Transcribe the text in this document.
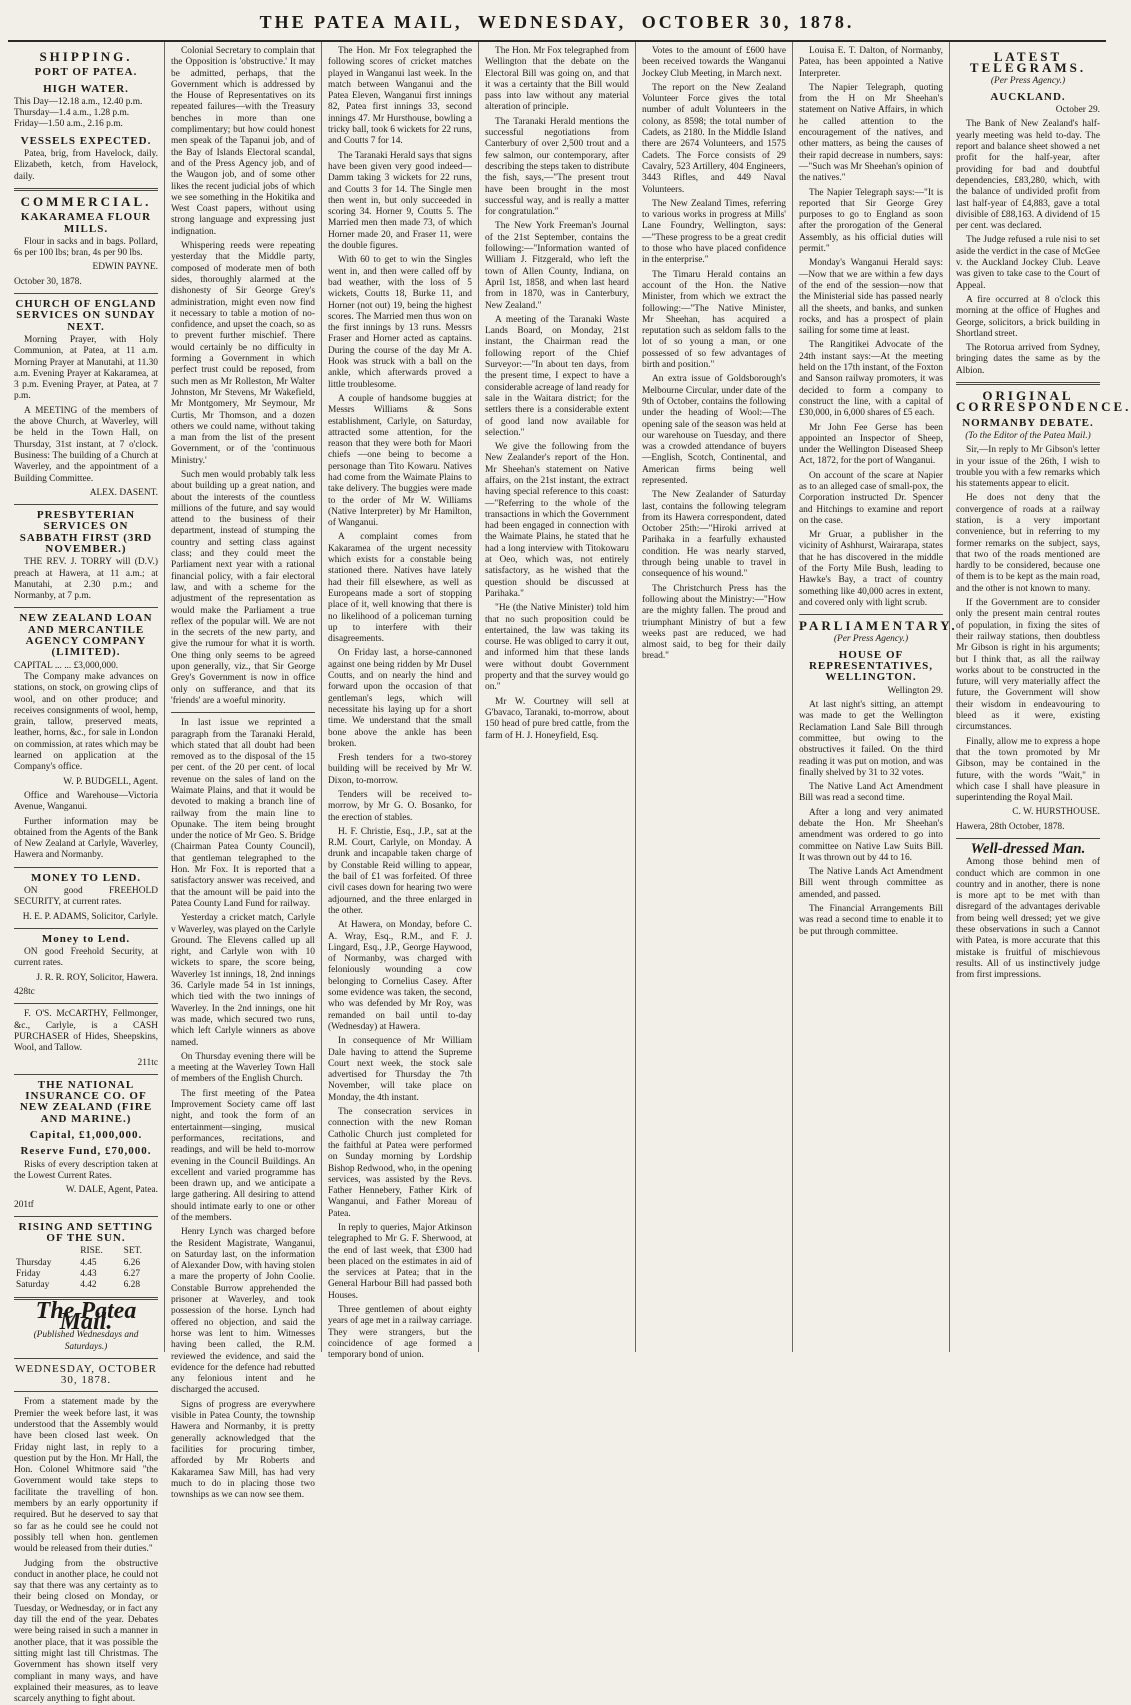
THE PATEA MAIL, WEDNESDAY, OCTOBER 30, 1878.
SHIPPING.
PORT OF PATEA.
HIGH WATER.
This Day—12.18 a.m., 12.40 p.m.
Thursday—1.4 a.m., 1.28 p.m.
Friday—1.50 a.m., 2.16 p.m.
VESSELS EXPECTED.

Patea, brig, from Havelock, daily. Elizabeth, ketch, from Havelock, daily.

COMMERCIAL.
KAKARAMEA FLOUR MILLS.

Flour in sacks and in bags. Pollard, 6s per 100 lbs; bran, 4s per 90 lbs.

EDWIN PAYNE.
October 30, 1878.
CHURCH OF ENGLAND SERVICES ON SUNDAY NEXT.

Morning Prayer, with Holy Communion, at Patea, at 11 a.m. Morning Prayer at Manutahi, at 11.30 a.m. Evening Prayer at Kakaramea, at 3 p.m. Evening Prayer, at Patea, at 7 p.m.

A MEETING of the members of the above Church, at Waverley, will be held in the Town Hall, on Thursday, 31st instant, at 7 o'clock. Business: The building of a Church at Waverley, and the appointment of a Building Committee.

ALEX. DASENT.
PRESBYTERIAN SERVICES ON SABBATH FIRST (3RD NOVEMBER.)

THE REV. J. TORRY will (D.V.) preach at Hawera, at 11 a.m.; at Manutahi, at 2.30 p.m.; and Normanby, at 7 p.m.

NEW ZEALAND LOAN AND MERCANTILE AGENCY COMPANY (LIMITED).
CAPITAL ... ... £3,000,000.

The Company make advances on stations, on stock, on growing clips of wool, and on other produce; and receives consignments of wool, hemp, grain, tallow, preserved meats, leather, horns, &c., for sale in London on commission, at rates which may be learned on application at the Company's office.

W. P. BUDGELL, Agent.

Office and Warehouse—Victoria Avenue, Wanganui.

Further information may be obtained from the Agents of the Bank of New Zealand at Carlyle, Waverley, Hawera and Normanby.

MONEY TO LEND.

ON good FREEHOLD SECURITY, at current rates.

H. E. P. ADAMS, Solicitor, Carlyle.
Money to Lend.

ON good Freehold Security, at current rates.

J. R. R. ROY, Solicitor, Hawera.
428tc

F. O'S. McCARTHY, Fellmonger, &c., Carlyle, is a CASH PURCHASER of Hides, Sheepskins, Wool, and Tallow.

211tc
THE NATIONAL INSURANCE CO. OF NEW ZEALAND (FIRE AND MARINE.)
Capital, £1,000,000.
Reserve Fund, £70,000.

Risks of every description taken at the Lowest Current Rates.

W. DALE, Agent, Patea.
201tf
RISING AND SETTING OF THE SUN.
	RISE.	SET.
Thursday	4.45	6.26
Friday	4.43	6.27
Saturday	4.42	6.28
The Patea Mail.
(Published Wednesdays and Saturdays.)
WEDNESDAY, OCTOBER 30, 1878.

From a statement made by the Premier the week before last, it was understood that the Assembly would have been closed last week. On Friday night last, in reply to a question put by the Hon. Mr Hall, the Hon. Colonel Whitmore said "the Government would take steps to facilitate the travelling of hon. members by an early opportunity if required. But he deserved to say that so far as he could see he could not possibly tell when hon. gentlemen would be released from their duties."

Judging from the obstructive conduct in another place, he could not say that there was any certainty as to their being closed on Monday, or Tuesday, or Wednesday, or in fact any day till the end of the year. Debates were being raised in such a manner in another place, that it was possible the sitting might last till Christmas. The Government has shown itself very compliant in many ways, and have explained their measures, as to leave scarcely anything to fight about.

Colonial Secretary to complain that the Opposition is 'obstructive.' It may be admitted, perhaps, that the Government which is addressed by the House of Representatives on its repeated failures—with the Treasury benches in more than one complimentary; but how could honest men speak of the Tapanui job, and of the Bay of Islands Electoral scandal, and of the Press Agency job, and of the Waugon job, and of some other likes the recent judicial jobs of which we see something in the Hokitika and West Coast papers, without using strong language and expressing just indignation.

Whispering reeds were repeating yesterday that the Middle party, composed of moderate men of both sides, thoroughly alarmed at the dishonesty of Sir George Grey's administration, might even now find it necessary to table a motion of no-confidence, and upset the coach, so as to prevent further mischief. There would certainly be no difficulty in forming a Government in which perfect trust could be reposed, from such men as Mr Rolleston, Mr Walter Johnston, Mr Stevens, Mr Wakefield, Mr Montgomery, Mr Seymour, Mr Curtis, Mr Thomson, and a dozen others we could name, without taking a man from the list of the present Government, or of the 'continuous Ministry.'

Such men would probably talk less about building up a great nation, and about the interests of the countless millions of the future, and say would attend to the business of their department, instead of stumping the country and setting class against class; and they could meet the Parliament next year with a rational financial policy, with a fair electoral law, and with a scheme for the adjustment of the representation as would make the Parliament a true reflex of the popular will. We are not in the secrets of the new party, and give the rumour for what it is worth. One thing only seems to be agreed upon generally, viz., that Sir George Grey's Government is now in office only on sufferance, and that its 'friends' are a woeful minority.

In last issue we reprinted a paragraph from the Taranaki Herald, which stated that all doubt had been removed as to the disposal of the 15 per cent. of the 20 per cent. of local revenue on the sales of land on the Waimate Plains, and that it would be devoted to making a branch line of railway from the main line to Opunake. The item being brought under the notice of Mr Geo. S. Bridge (Chairman Patea County Council), that gentleman telegraphed to the Hon. Mr Fox. It is reported that a satisfactory answer was received, and that the amount will be paid into the Patea County Land Fund for railway.

Yesterday a cricket match, Carlyle v Waverley, was played on the Carlyle Ground. The Elevens called up all right, and Carlyle won with 10 wickets to spare, the score being, Waverley 1st innings, 18, 2nd innings 36. Carlyle made 54 in 1st innings, which tied with the two innings of Waverley. In the 2nd innings, one hit was made, which secured two runs, which left Carlyle winners as above named.

On Thursday evening there will be a meeting at the Waverley Town Hall of members of the English Church.

The first meeting of the Patea Improvement Society came off last night, and took the form of an entertainment—singing, musical performances, recitations, and readings, and will be held to-morrow evening in the Council Buildings. An excellent and varied programme has been drawn up, and we anticipate a large gathering. All desiring to attend should intimate early to one or other of the members.

Henry Lynch was charged before the Resident Magistrate, Wanganui, on Saturday last, on the information of Alexander Dow, with having stolen a mare the property of John Coolie. Constable Burrow apprehended the prisoner at Waverley, and took possession of the horse. Lynch had offered no objection, and said the horse was lent to him. Witnesses having been called, the R.M. reviewed the evidence, and said the evidence for the defence had rebutted any felonious intent and he discharged the accused.

Signs of progress are everywhere visible in Patea County, the township Hawera and Normanby, it is pretty generally acknowledged that the facilities for procuring timber, afforded by Mr Roberts and Kakaramea Saw Mill, has had very much to do in placing those two townships as we can now see them.

The Hon. Mr Fox telegraphed the following scores of cricket matches played in Wanganui last week. In the match between Wanganui and the Patea Eleven, Wanganui first innings 82, Patea first innings 33, second innings 47. Mr Hursthouse, bowling a tricky ball, took 6 wickets for 22 runs, and Coutts 7 for 14.

The Taranaki Herald says that signs have been given very good indeed—Damm taking 3 wickets for 22 runs, and Coutts 3 for 14. The Single men then went in, but only succeeded in scoring 34. Horner 9, Coutts 5. The Married men then made 73, of which Horner made 20, and Fraser 11, were the double figures.

With 60 to get to win the Singles went in, and then were called off by bad weather, with the loss of 5 wickets, Coutts 18, Burke 11, and Horner (not out) 19, being the highest scores. The Married men thus won on the first innings by 13 runs. Messrs Fraser and Horner acted as captains. During the course of the day Mr A. Hook was struck with a ball on the ankle, which afterwards proved a little troublesome.

A couple of handsome buggies at Messrs Williams & Sons establishment, Carlyle, on Saturday, attracted some attention, for the reason that they were both for Maori chiefs —one being to become a personage than Tito Kowaru. Natives had come from the Waimate Plains to take delivery. The buggies were made to the order of Mr W. Williams (Native Interpreter) by Mr Hamilton, of Wanganui.

A complaint comes from Kakaramea of the urgent necessity which exists for a constable being stationed there. Natives have lately had their fill elsewhere, as well as Europeans made a sort of stopping place of it, well knowing that there is no likelihood of a policeman turning up to interfere with their disagreements.

On Friday last, a horse-cannoned against one being ridden by Mr Dusel Coutts, and on nearly the hind and forward upon the occasion of that gentleman's legs, which will necessitate his laying up for a short time. We understand that the small bone above the ankle has been broken.

Fresh tenders for a two-storey building will be received by Mr W. Dixon, to-morrow.

Tenders will be received to-morrow, by Mr G. O. Bosanko, for the erection of stables.

H. F. Christie, Esq., J.P., sat at the R.M. Court, Carlyle, on Monday. A drunk and incapable taken charge of by Constable Reid willing to appear, the bail of £1 was forfeited. Of three civil cases down for hearing two were adjourned, and the three enlarged in the other.

At Hawera, on Monday, before C. A. Wray, Esq., R.M., and F. J. Lingard, Esq., J.P., George Haywood, of Normanby, was charged with feloniously wounding a cow belonging to Cornelius Casey. After some evidence was taken, the second, who was defended by Mr Roy, was remanded on bail until to-day (Wednesday) at Hawera.

In consequence of Mr William Dale having to attend the Supreme Court next week, the stock sale advertised for Thursday the 7th November, will take place on Monday, the 4th instant.

The consecration services in connection with the new Roman Catholic Church just completed for the faithful at Patea were performed on Sunday morning by Lordship Bishop Redwood, who, in the opening services, was assisted by the Revs. Father Hennebery, Father Kirk of Wanganui, and Father Moreau of Patea.

In reply to queries, Major Atkinson telegraphed to Mr G. F. Sherwood, at the end of last week, that £300 had been placed on the estimates in aid of the services at Patea; that in the General Harbour Bill had passed both Houses.

Three gentlemen of about eighty years of age met in a railway carriage. They were strangers, but the coincidence of age formed a temporary bond of union.

The Hon. Mr Fox telegraphed from Wellington that the debate on the Electoral Bill was going on, and that it was a certainty that the Bill would pass into law without any material alteration of principle.

The Taranaki Herald mentions the successful negotiations from Canterbury of over 2,500 trout and a few salmon, our contemporary, after describing the steps taken to distribute the fish, says,—"The present trout have been brought in the most successful way, and is really a matter for congratulation."

The New York Freeman's Journal of the 21st September, contains the following:—"Information wanted of William J. Fitzgerald, who left the town of Allen County, Indiana, on April 1st, 1858, and when last heard from in 1870, was in Canterbury, New Zealand."

A meeting of the Taranaki Waste Lands Board, on Monday, 21st instant, the Chairman read the following report of the Chief Surveyor:—"In about ten days, from the present time, I expect to have a considerable acreage of land ready for sale in the Waitara district; for the settlers there is a considerable extent of good land now available for selection."

We give the following from the New Zealander's report of the Hon. Mr Sheehan's statement on Native affairs, on the 21st instant, the extract having special reference to this coast:—"Referring to the whole of the transactions in which the Government had been engaged in connection with the Waimate Plains, he stated that he had a long interview with Titokowaru at Oeo, which was, not entirely satisfactory, as he wished that the question should be discussed at Parihaka."

"He (the Native Minister) told him that no such proposition could be entertained, the law was taking its course. He was obliged to carry it out, and informed him that these lands were without doubt Government property and that the survey would go on."

Mr W. Courtney will sell at G'bavaco, Taranaki, to-morrow, about 150 head of pure bred cattle, from the farm of H. J. Honeyfield, Esq.

Votes to the amount of £600 have been received towards the Wanganui Jockey Club Meeting, in March next.

The report on the New Zealand Volunteer Force gives the total number of adult Volunteers in the colony, as 8598; the total number of Cadets, as 2180. In the Middle Island there are 2674 Volunteers, and 1575 Cadets. The Force consists of 29 Cavalry, 523 Artillery, 404 Engineers, 3443 Rifles, and 449 Naval Volunteers.

The New Zealand Times, referring to various works in progress at Mills' Lane Foundry, Wellington, says:—"These progress to be a great credit to those who have placed confidence in the enterprise."

The Timaru Herald contains an account of the Hon. the Native Minister, from which we extract the following:—"The Native Minister, Mr Sheehan, has acquired a reputation such as seldom falls to the lot of so young a man, or one possessed of so few advantages of birth and position."

An extra issue of Goldsborough's Melbourne Circular, under date of the 9th of October, contains the following under the heading of Wool:—The opening sale of the season was held at our warehouse on Tuesday, and there was a crowded attendance of buyers—English, Scotch, Continental, and American firms being well represented.

The New Zealander of Saturday last, contains the following telegram from its Hawera correspondent, dated October 25th:—"Hiroki arrived at Parihaka in a fearfully exhausted condition. He was nearly starved, through being unable to travel in consequence of his wound."

The Christchurch Press has the following about the Ministry:—"How are the mighty fallen. The proud and triumphant Ministry of but a few weeks past are reduced, we had almost said, to beg for their daily bread."

Louisa E. T. Dalton, of Normanby, Patea, has been appointed a Native Interpreter.

The Napier Telegraph, quoting from the H on Mr Sheehan's statement on Native Affairs, in which he called attention to the encouragement of the natives, and other matters, as being the causes of their rapid decrease in numbers, says:—"Such was Mr Sheehan's opinion of the natives."

The Napier Telegraph says:—"It is reported that Sir George Grey purposes to go to England as soon after the prorogation of the General Assembly, as his official duties will permit."

Monday's Wanganui Herald says:—Now that we are within a few days of the end of the session—now that the Ministerial side has passed nearly all the sheets, and banks, and sunken rocks, and has a prospect of plain sailing for some time at least.

The Rangitikei Advocate of the 24th instant says:—At the meeting held on the 17th instant, of the Foxton and Sanson railway promoters, it was decided to form a company to construct the line, with a capital of £30,000, in 6,000 shares of £5 each.

Mr John Fee Gerse has been appointed an Inspector of Sheep, under the Wellington Diseased Sheep Act, 1872, for the port of Wanganui.

On account of the scare at Napier as to an alleged case of small-pox, the Corporation instructed Dr. Spencer and Hitchings to examine and report on the case.

Mr Gruar, a publisher in the vicinity of Ashhurst, Wairarapa, states that he has discovered in the middle of the Forty Mile Bush, leading to Hawke's Bay, a tract of country something like 40,000 acres in extent, and covered only with light scrub.

PARLIAMENTARY.
(Per Press Agency.)
HOUSE OF REPRESENTATIVES, WELLINGTON.
Wellington 29.

At last night's sitting, an attempt was made to get the Wellington Reclamation Land Sale Bill through committee, but owing to the obstructives it failed. On the third reading it was put on motion, and was finally shelved by 31 to 32 votes.

The Native Land Act Amendment Bill was read a second time.

After a long and very animated debate the Hon. Mr Sheehan's amendment was ordered to go into committee on Native Law Suits Bill. It was thrown out by 44 to 16.

The Native Lands Act Amendment Bill went through committee as amended, and passed.

The Financial Arrangements Bill was read a second time to enable it to be put through committee.

LATEST TELEGRAMS.
(Per Press Agency.)
AUCKLAND.
October 29.

The Bank of New Zealand's half-yearly meeting was held to-day. The report and balance sheet showed a net profit for the half-year, after providing for bad and doubtful dependencies, £83,280, which, with the balance of undivided profit from last half-year of £4,883, gave a total divisible of £88,163. A dividend of 15 per cent. was declared.

The Judge refused a rule nisi to set aside the verdict in the case of McGee v. the Auckland Jockey Club. Leave was given to take case to the Court of Appeal.

A fire occurred at 8 o'clock this morning at the office of Hughes and George, solicitors, a brick building in Shortland street.

The Rotorua arrived from Sydney, bringing dates the same as by the Albion.

ORIGINAL CORRESPONDENCE.
NORMANBY DEBATE.
(To the Editor of the Patea Mail.)

Sir,—In reply to Mr Gibson's letter in your issue of the 26th, I wish to trouble you with a few remarks which his statements appear to elicit.

He does not deny that the convergence of roads at a railway station, is a very important convenience, but in referring to my former remarks on the subject, says, that two of the roads mentioned are hardly to be considered, because one of them is to be kept as the main road, and the other is not known to many.

If the Government are to consider only the present main central routes of population, in fixing the sites of their railway stations, then doubtless Mr Gibson is right in his arguments; but I think that, as all the railway works about to be constructed in the future, will very materially affect the future, the Government will show their wisdom in endeavouring to bleed as it were, existing circumstances.

Finally, allow me to express a hope that the town promoted by Mr Gibson, may be contained in the future, with the words "Wait," in which case I shall have pleasure in superintending the Royal Mail.

C. W. HURSTHOUSE.
Hawera, 28th October, 1878.
Well-dressed Man.

Among those behind men of conduct which are common in one country and in another, there is none is more apt to be met with than disregard of the advantages derivable from being well dressed; yet we give these observations in such a Cannot with Patea, is more accurate that this mistake is fruitful of mischievous results. All of us instinctively judge from first impressions.
